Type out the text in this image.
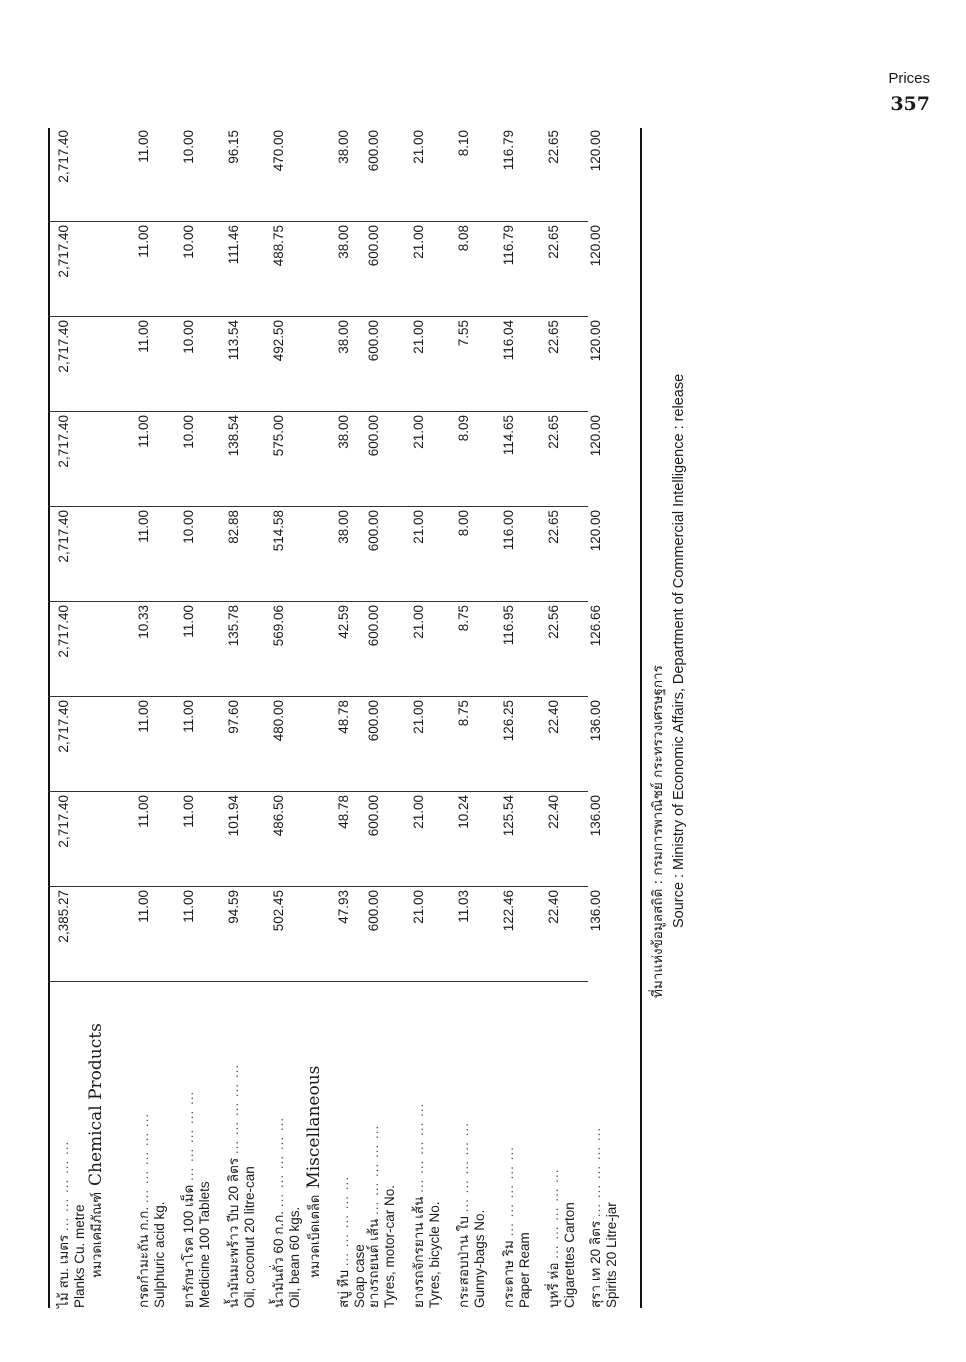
Prices
357
ที่มาแห่งข้อมูลสถิติ : กรมการพาณิชย์ กระทรวงเศรษฐการ Source : Ministry of Economic Affairs, Department of Commercial Intelligence : release
ไม้ สบ. เมตร ... ... ... ... ...
Planks Cu. metre
2,385.27
2,717.40
2,717.40
2,717.40
2,717.40
2,717.40
2,717.40
2,717.40
2,717.40
หมวดเคมีภัณฑ์Chemical Products
กรดกำมะถัน ก.ก. ... ... ... ... ...
Sulphuric acid kg.
11.00
11.00
11.00
10.33
11.00
11.00
11.00
11.00
11.00
ยารักษาโรค 100 เม็ด ... ... ... ... ...
Medicine 100 Tablets
11.00
11.00
11.00
11.00
10.00
10.00
10.00
10.00
10.00
น้ำมันมะพร้าว ปีบ 20 ลิตร ... ... ... ... ...
Oil, coconut 20 litre-can
94.59
101.94
97.60
135.78
82.88
138.54
113.54
111.46
96.15
น้ำมันถั่ว 60 ก.ก. ... ... ... ... ...
Oil, bean 60 kgs.
502.45
486.50
480.00
569.06
514.58
575.00
492.50
488.75
470.00
หมวดเบ็ดเตล็ดMiscellaneous
สบู่ หีบ ... ... ... ... ...
Soap case
47.93
48.78
48.78
42.59
38.00
38.00
38.00
38.00
38.00
ยางรถยนต์ เส้น ... ... ... ... ...
Tyres, motor-car No.
600.00
600.00
600.00
600.00
600.00
600.00
600.00
600.00
600.00
ยางรถจักรยาน เส้น ... ... ... ... ...
Tyres, bicycle No.
21.00
21.00
21.00
21.00
21.00
21.00
21.00
21.00
21.00
กระสอบป่าน ใบ ... ... ... ... ...
Gunny-bags No.
11.03
10.24
8.75
8.75
8.00
8.09
7.55
8.08
8.10
กระดาษ ริม ... ... ... ... ...
Paper Ream
122.46
125.54
126.25
116.95
116.00
114.65
116.04
116.79
116.79
บุหรี่ ห่อ ... ... ... ... ... Cigarettes Carton
22.40
22.40
22.40
22.56
22.65
22.65
22.65
22.65
22.65
สุรา เท 20 ลิตร ... ... ... ... ...
Spirits 20 Litre-jar
136.00
136.00
136.00
126.66
120.00
120.00
120.00
120.00
120.00
